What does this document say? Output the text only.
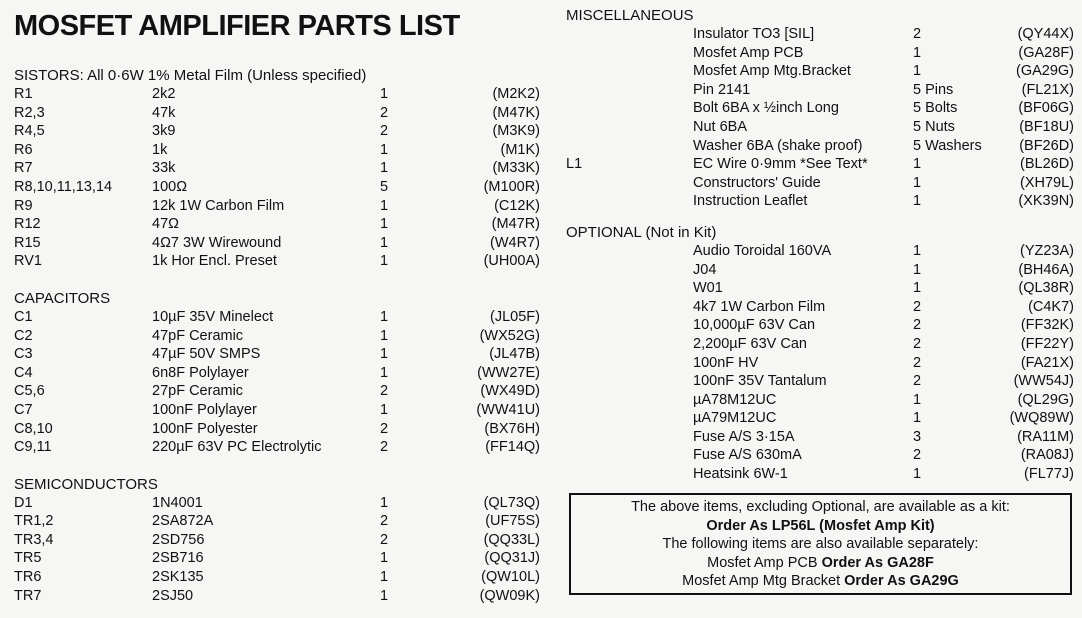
MOSFET AMPLIFIER PARTS LIST
SISTORS: All 0·6W 1% Metal Film (Unless specified)
R1	2k2	1	(M2K2)
R2,3	47k	2	(M47K)
R4,5	3k9	2	(M3K9)
R6	1k	1	(M1K)
R7	33k	1	(M33K)
R8,10,11,13,14	100Ω	5	(M100R)
R9	12k 1W Carbon Film	1	(C12K)
R12	47Ω	1	(M47R)
R15	4Ω7 3W Wirewound	1	(W4R7)
RV1	1k Hor Encl. Preset	1	(UH00A)
CAPACITORS
C1	10µF 35V Minelect	1	(JL05F)
C2	47pF Ceramic	1	(WX52G)
C3	47µF 50V SMPS	1	(JL47B)
C4	6n8F Polylayer	1	(WW27E)
C5,6	27pF Ceramic	2	(WX49D)
C7	100nF Polylayer	1	(WW41U)
C8,10	100nF Polyester	2	(BX76H)
C9,11	220µF 63V PC Electrolytic	2	(FF14Q)
SEMICONDUCTORS
D1	1N4001	1	(QL73Q)
TR1,2	2SA872A	2	(UF75S)
TR3,4	2SD756	2	(QQ33L)
TR5	2SB716	1	(QQ31J)
TR6	2SK135	1	(QW10L)
TR7	2SJ50	1	(QW09K)
MISCELLANEOUS
Insulator TO3 [SIL]	2	(QY44X)
Mosfet Amp PCB	1	(GA28F)
Mosfet Amp Mtg.Bracket	1	(GA29G)
Pin 2141	5 Pins	(FL21X)
Bolt 6BA x ½inch Long	5 Bolts	(BF06G)
Nut 6BA	5 Nuts	(BF18U)
Washer 6BA (shake proof)	5 Washers	(BF26D)
L1	EC Wire 0·9mm *See Text*	1	(BL26D)
Constructors' Guide	1	(XH79L)
Instruction Leaflet	1	(XK39N)
OPTIONAL (Not in Kit)
Audio Toroidal 160VA	1	(YZ23A)
J04	1	(BH46A)
W01	1	(QL38R)
4k7 1W Carbon Film	2	(C4K7)
10,000µF 63V Can	2	(FF32K)
2,200µF 63V Can	2	(FF22Y)
100nF HV	2	(FA21X)
100nF 35V Tantalum	2	(WW54J)
µA78M12UC	1	(QL29G)
µA79M12UC	1	(WQ89W)
Fuse A/S 3·15A	3	(RA11M)
Fuse A/S 630mA	2	(RA08J)
Heatsink 6W-1	1	(FL77J)
The above items, excluding Optional, are available as a kit:
Order As LP56L (Mosfet Amp Kit)
The following items are also available separately:
Mosfet Amp PCB Order As GA28F
Mosfet Amp Mtg Bracket Order As GA29G
